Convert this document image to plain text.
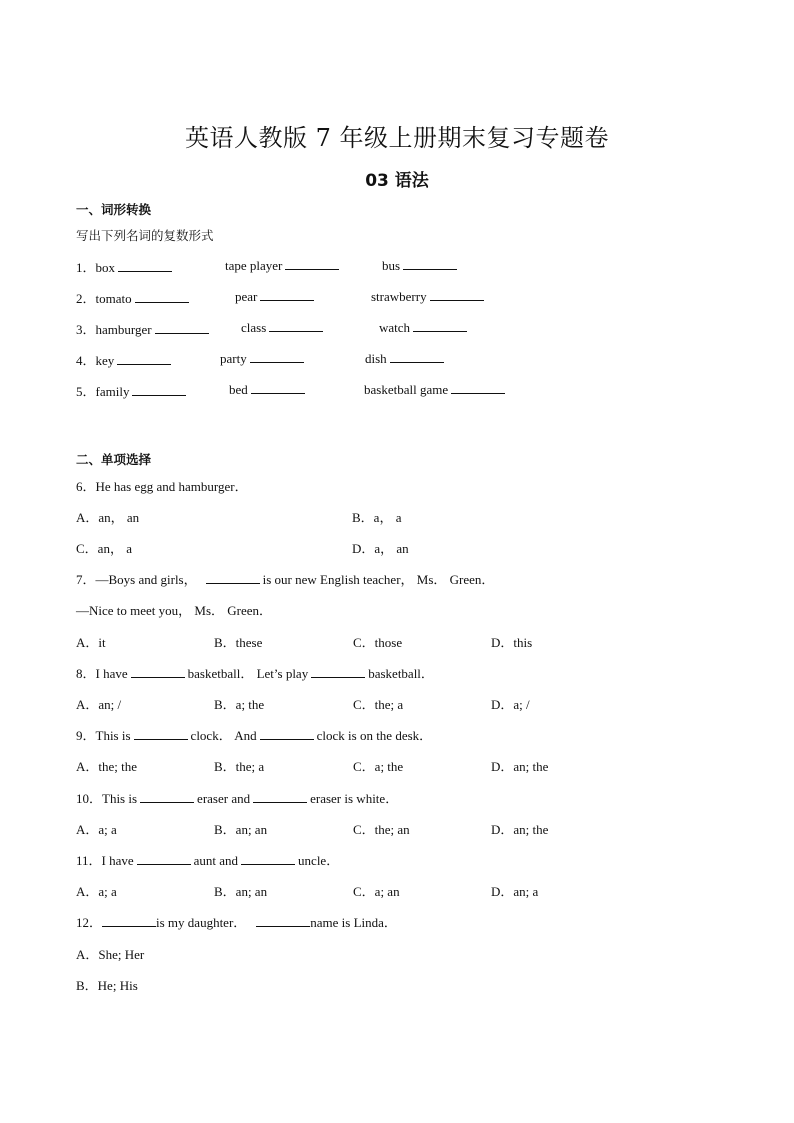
英语人教版 7 年级上册期末复习专题卷
03 语法
一、词形转换
写出下列名词的复数形式
1．box	tape player	bus
2．tomato	pear	strawberry
3．hamburger	class	watch
4．key	party	dish
5．family	bed	basketball game
二、单项选择
6．He has egg and hamburger．
A．an， an	B．a， a
C．an， a	D．a， an
7．—Boys and girls，	is our new English teacher， Ms． Green．
—Nice to meet you， Ms． Green．
A．it	B．these	C．those	D．this
8．I have	basketball． Let’s play	basketball．
A．an; /	B．a; the	C．the; a	D．a; /
9．This is	clock． And	clock is on the desk．
A．the; the	B．the; a	C．a; the	D．an; the
10．This is	eraser and	eraser is white．
A．a; a	B．an; an	C．the; an	D．an; the
11．I have	aunt and	uncle．
A．a; a	B．an; an	C．a; an	D．an; a
12．	is my daughter．	name is Linda．
A．She; Her
B．He; His
